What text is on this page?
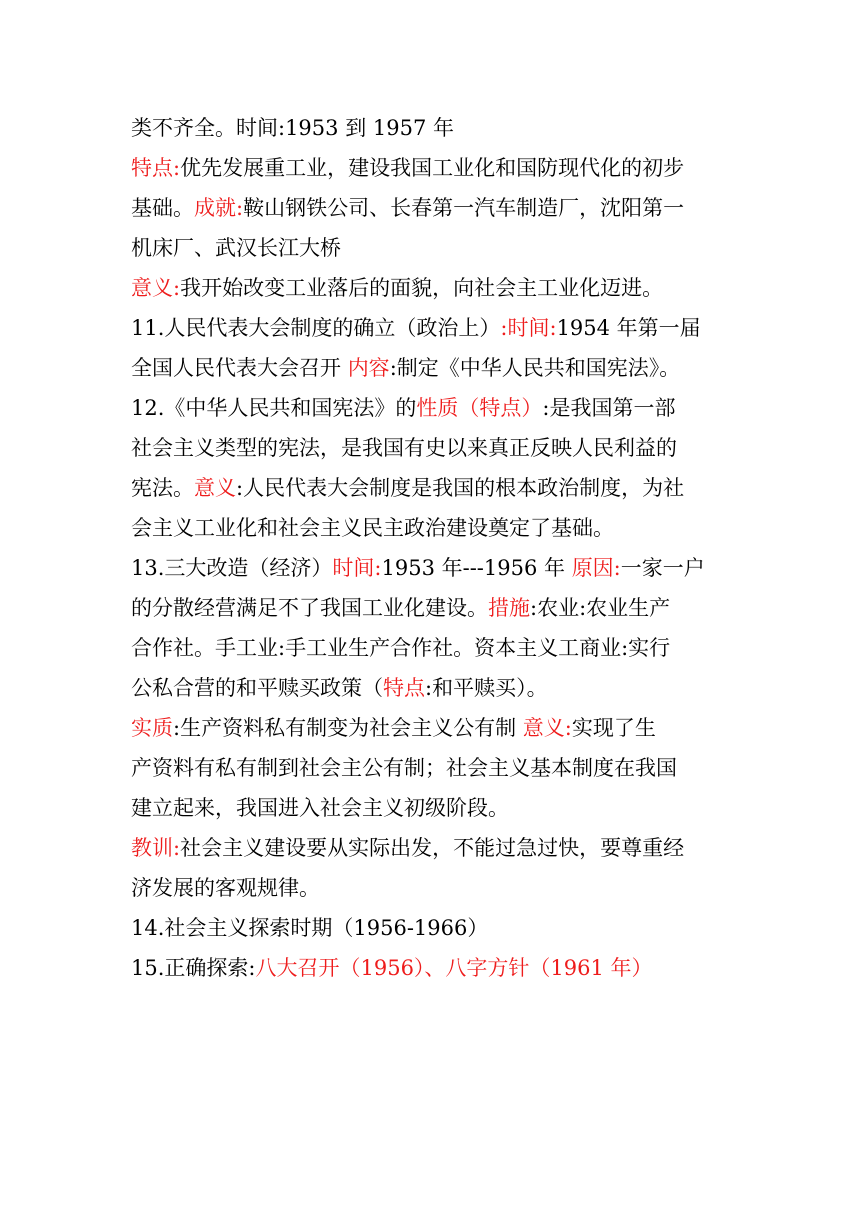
类不齐全。时间:1953 到 1957 年

特点:优先发展重工业，建设我国工业化和国防现代化的初步

基础。成就:鞍山钢铁公司、长春第一汽车制造厂，沈阳第一

机床厂、武汉长江大桥

意义:我开始改变工业落后的面貌，向社会主工业化迈进。

11.人民代表大会制度的确立（政治上）:时间:1954 年第一届

全国人民代表大会召开 内容:制定《中华人民共和国宪法》。

12.《中华人民共和国宪法》的性质（特点）:是我国第一部

社会主义类型的宪法，是我国有史以来真正反映人民利益的

宪法。意义:人民代表大会制度是我国的根本政治制度，为社

会主义工业化和社会主义民主政治建设奠定了基础。

13.三大改造（经济）时间:1953 年---1956 年 原因:一家一户

的分散经营满足不了我国工业化建设。措施:农业:农业生产

合作社。手工业:手工业生产合作社。资本主义工商业:实行

公私合营的和平赎买政策（特点:和平赎买）。

实质:生产资料私有制变为社会主义公有制 意义:实现了生

产资料有私有制到社会主公有制；社会主义基本制度在我国

建立起来，我国进入社会主义初级阶段。

教训:社会主义建设要从实际出发，不能过急过快，要尊重经

济发展的客观规律。

14.社会主义探索时期（1956-1966）

15.正确探索:八大召开（1956）、八字方针（1961 年）
